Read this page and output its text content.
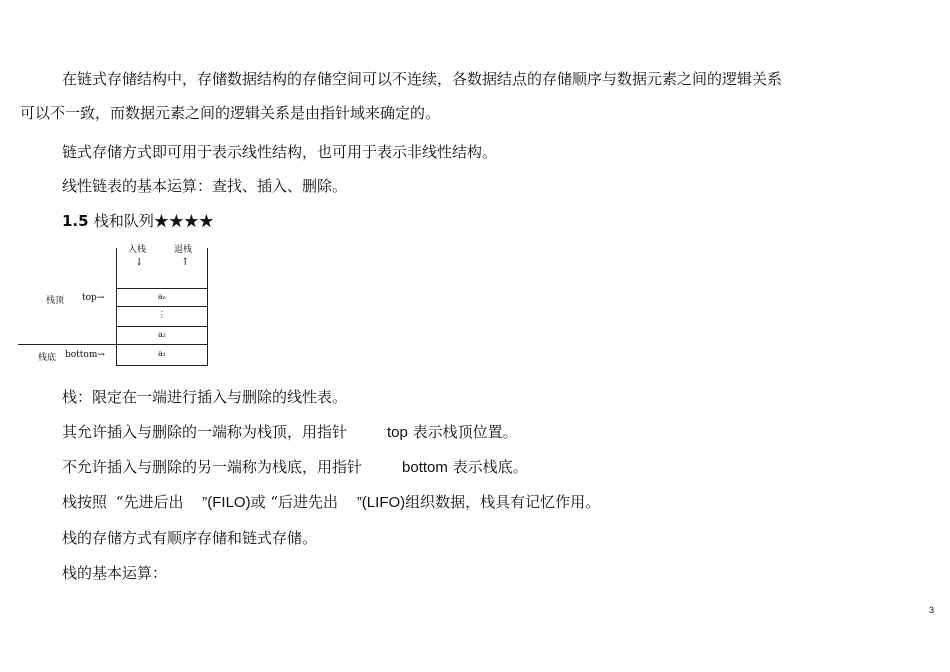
在链式存储结构中，存储数据结构的存储空间可以不连续，各数据结点的存储顺序与数据元素之间的逻辑关系
可以不一致，而数据元素之间的逻辑关系是由指针域来确定的。
链式存储方式即可用于表示线性结构，也可用于表示非线性结构。
线性链表的基本运算：查找、插入、删除。
1.5 栈和队列★★★★
入栈	退栈
↓	↑
aₙ
⋮
a₂
a₁
栈顶 top→
栈底 bottom→
栈：限定在一端进行插入与删除的线性表。
其允许插入与删除的一端称为栈顶，用指针	top 表示栈顶位置。
不允许插入与删除的另一端称为栈底，用指针	bottom 表示栈底。
栈按照 “先进后出 ”(FILO)或 “后进先出 ”(LIFO)组织数据，栈具有记忆作用。
栈的存储方式有顺序存储和链式存储。
栈的基本运算：
3
